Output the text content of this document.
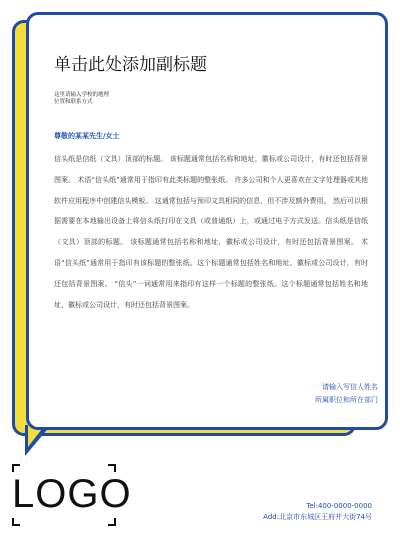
单击此处添加副标题
这里请输入学校的地理
位置和联系方式
尊敬的某某先生/女士
信头纸是信纸（文具）顶部的标题。 该标题通常包括名称和地址，徽标或公司设计，有时还包括背景图案。 术语“信头纸”通常用于指印有此类标题的整张纸。 许多公司和个人更喜欢在文字处理器或其他软件应用程序中创建信头模板。 这通常包括与预印文具相同的信息，但不涉及额外费用。 然后可以根据需要在本地输出设备上将信头纸打印在文具（或普通纸）上，或通过电子方式发送。信头纸是信纸（文具）顶部的标题。 该标题通常包括名称和地址，徽标或公司设计，有时还包括背景图案。 术语“信头纸”通常用于指印有该标题的整张纸。这个标题通常包括姓名和地址、徽标或公司设计，有时还包括背景图案。 “信头”一词通常用来指印有这样一个标题的整张纸。这个标题通常包括姓名和地址、徽标或公司设计，有时还包括背景图案。
请输入写信人姓名
所属职位和所在部门
LOGO	Tel:400-0000-0000
Add:北京市东城区王府井大街74号
